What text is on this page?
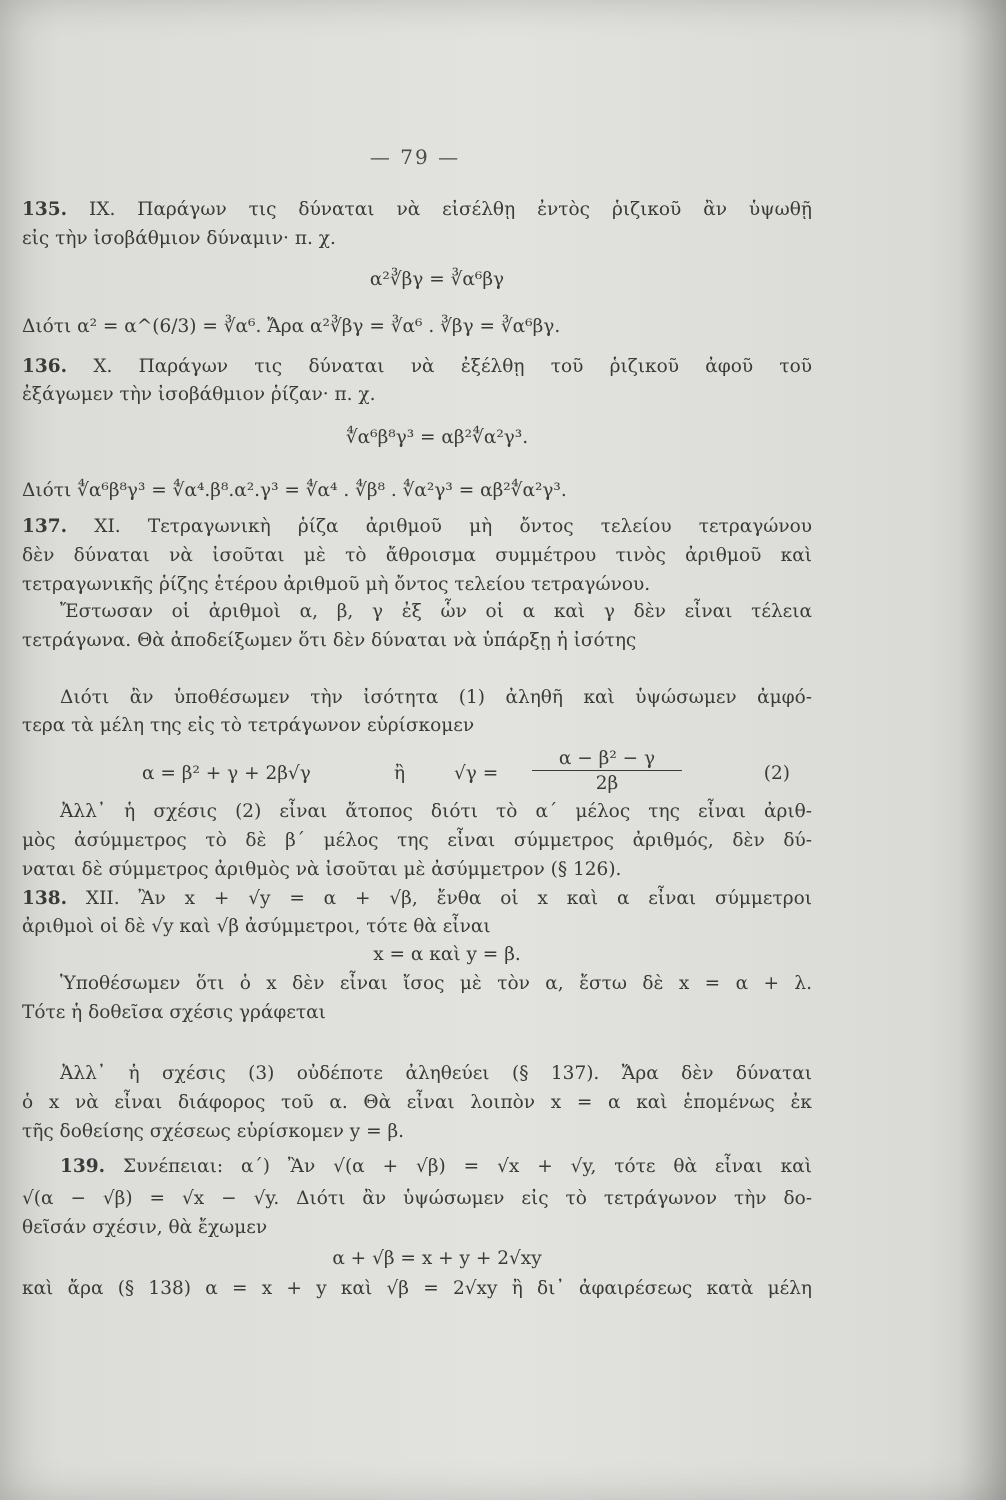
— 79 —
135. IX. Παράγων τις δύναται νὰ εἰσέλθῃ ἐντὸς ῥιζικοῦ ἂν ὑψωθῇ
εἰς τὴν ἰσοβάθμιον δύναμιν· π. χ.
α²∛βγ = ∛α⁶βγ
Διότι α² = α^(6/3) = ∛α⁶. Ἄρα α²∛βγ = ∛α⁶ . ∛βγ = ∛α⁶βγ.
136. X. Παράγων τις δύναται νὰ ἐξέλθῃ τοῦ ῥιζικοῦ ἀφοῦ τοῦ
ἐξάγωμεν τὴν ἰσοβάθμιον ῥίζαν· π. χ.
∜α⁶β⁸γ³ = αβ²∜α²γ³.
Διότι ∜α⁶β⁸γ³ = ∜α⁴.β⁸.α².γ³ = ∜α⁴ . ∜β⁸ . ∜α²γ³ = αβ²∜α²γ³.
137. XI. Τετραγωνικὴ ῥίζα ἀριθμοῦ μὴ ὄντος τελείου τετραγώνου
δὲν δύναται νὰ ἰσοῦται μὲ τὸ ἄθροισμα συμμέτρου τινὸς ἀριθμοῦ καὶ
τετραγωνικῆς ῥίζης ἑτέρου ἀριθμοῦ μὴ ὄντος τελείου τετραγώνου.
Ἔστωσαν οἱ ἀριθμοὶ α, β, γ ἐξ ὧν οἱ α καὶ γ δὲν εἶναι τέλεια
τετράγωνα. Θὰ ἀποδείξωμεν ὅτι δὲν δύναται νὰ ὑπάρξῃ ἡ ἰσότης
Διότι ἂν ὑποθέσωμεν τὴν ἰσότητα (1) ἀληθῆ καὶ ὑψώσωμεν ἀμφό-
τερα τὰ μέλη της εἰς τὸ τετράγωνον εὑρίσκομεν
α = β² + γ + 2β√γ	ἢ	√γ =
α − β² − γ
2β	(2)
Ἀλλ᾽ ἡ σχέσις (2) εἶναι ἄτοπος διότι τὸ α΄ μέλος της εἶναι ἀριθ-
μὸς ἀσύμμετρος τὸ δὲ β΄ μέλος της εἶναι σύμμετρος ἀριθμός, δὲν δύ-
ναται δὲ σύμμετρος ἀριθμὸς νὰ ἰσοῦται μὲ ἀσύμμετρον (§ 126).
138. XII. Ἂν x + √y = α + √β, ἔνθα οἱ x καὶ α εἶναι σύμμετροι
ἀριθμοὶ οἱ δὲ √y καὶ √β ἀσύμμετροι, τότε θὰ εἶναι
x = α καὶ y = β.
Ὑποθέσωμεν ὅτι ὁ x δὲν εἶναι ἴσος μὲ τὸν α, ἔστω δὲ x = α + λ.
Τότε ἡ δοθεῖσα σχέσις γράφεται
Ἀλλ᾽ ἡ σχέσις (3) οὐδέποτε ἀληθεύει (§ 137). Ἄρα δὲν δύναται
ὁ x νὰ εἶναι διάφορος τοῦ α. Θὰ εἶναι λοιπὸν x = α καὶ ἑπομένως ἐκ
τῆς δοθείσης σχέσεως εὑρίσκομεν y = β.
139. Συνέπειαι: α΄) Ἂν √(α + √β) = √x + √y, τότε θὰ εἶναι καὶ
√(α − √β) = √x − √y. Διότι ἂν ὑψώσωμεν εἰς τὸ τετράγωνον τὴν δο-
θεῖσάν σχέσιν, θὰ ἔχωμεν
α + √β = x + y + 2√xy
καὶ ἄρα (§ 138) α = x + y καὶ √β = 2√xy ἢ δι᾽ ἀφαιρέσεως κατὰ μέλη
